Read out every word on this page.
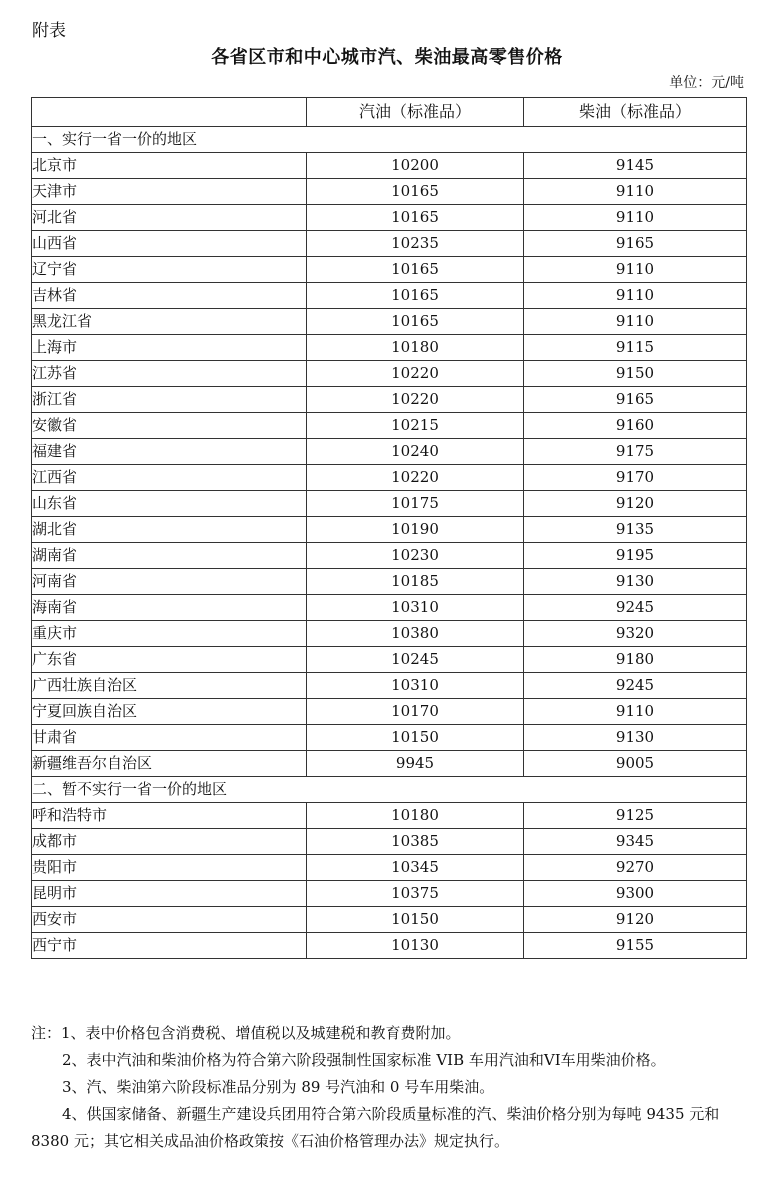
附表
各省区市和中心城市汽、柴油最高零售价格
单位：元/吨
	汽油（标准品）	柴油（标准品）
一、实行一省一价的地区		
北京市	10200	9145
天津市	10165	9110
河北省	10165	9110
山西省	10235	9165
辽宁省	10165	9110
吉林省	10165	9110
黑龙江省	10165	9110
上海市	10180	9115
江苏省	10220	9150
浙江省	10220	9165
安徽省	10215	9160
福建省	10240	9175
江西省	10220	9170
山东省	10175	9120
湖北省	10190	9135
湖南省	10230	9195
河南省	10185	9130
海南省	10310	9245
重庆市	10380	9320
广东省	10245	9180
广西壮族自治区	10310	9245
宁夏回族自治区	10170	9110
甘肃省	10150	9130
新疆维吾尔自治区	9945	9005
二、暂不实行一省一价的地区		
呼和浩特市	10180	9125
成都市	10385	9345
贵阳市	10345	9270
昆明市	10375	9300
西安市	10150	9120
西宁市	10130	9155

注：1、表中价格包含消费税、增值税以及城建税和教育费附加。

2、表中汽油和柴油价格为符合第六阶段强制性国家标准 VIB 车用汽油和VI车用柴油价格。

3、汽、柴油第六阶段标准品分别为 89 号汽油和 0 号车用柴油。

4、供国家储备、新疆生产建设兵团用符合第六阶段质量标准的汽、柴油价格分别为每吨 9435 元和 8380 元；其它相关成品油价格政策按《石油价格管理办法》规定执行。
